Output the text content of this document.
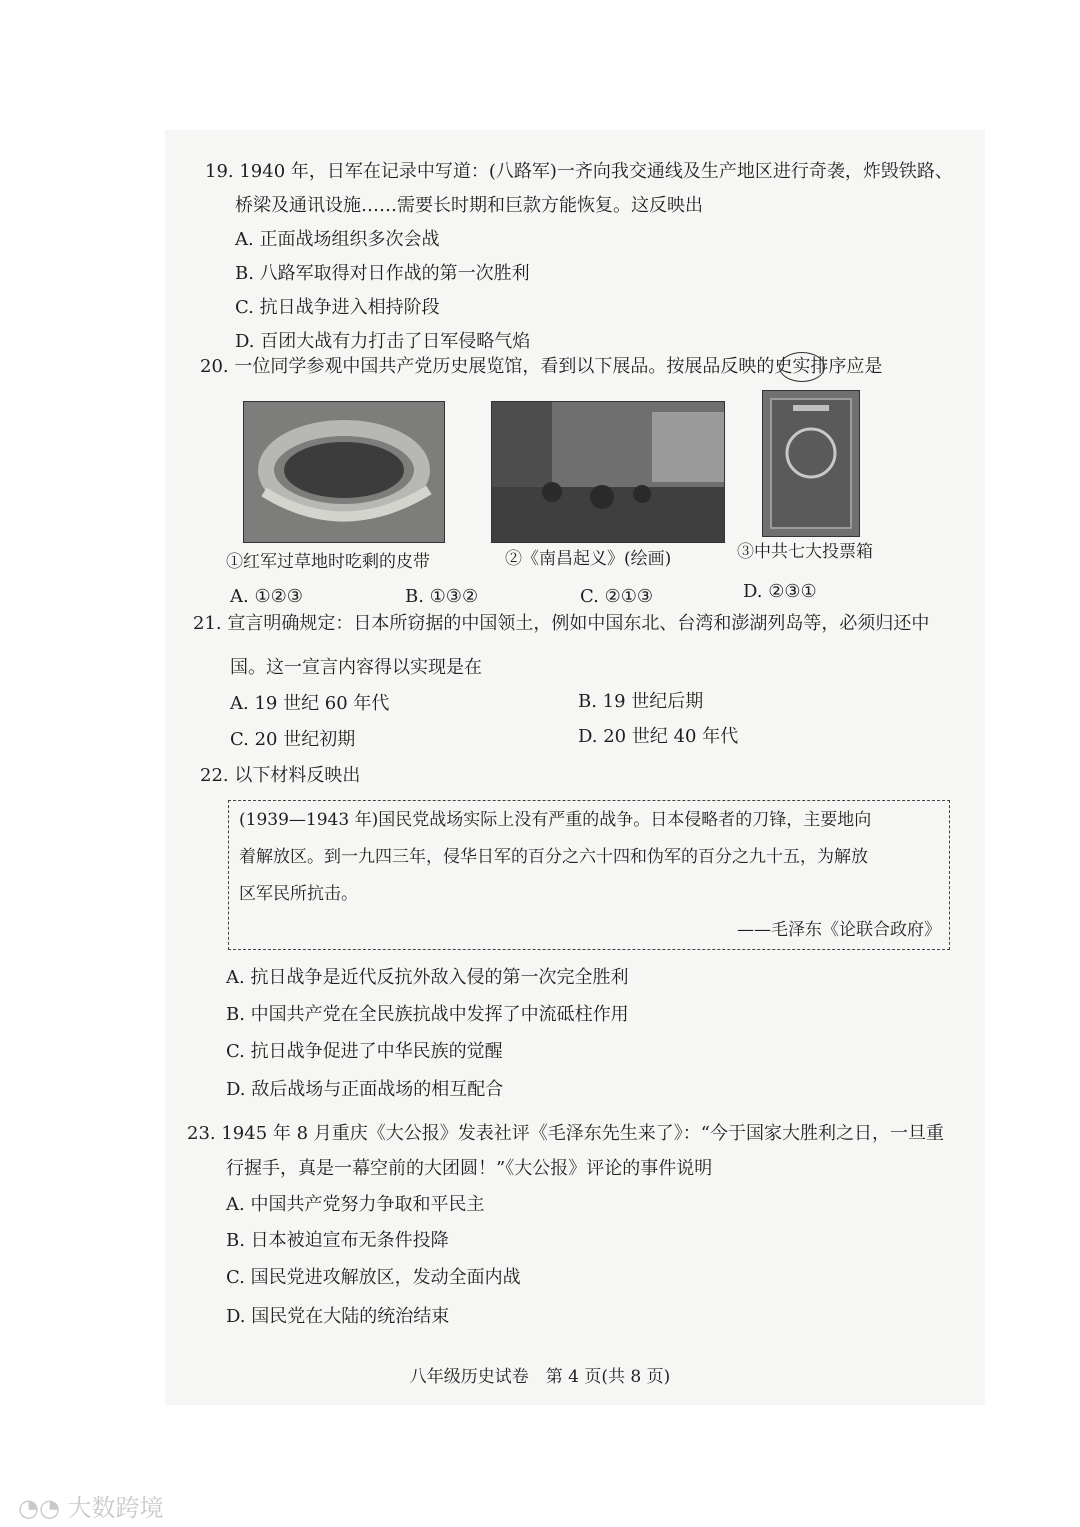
19. 1940 年，日军在记录中写道：(八路军)一齐向我交通线及生产地区进行奇袭，炸毁铁路、
桥梁及通讯设施……需要长时期和巨款方能恢复。这反映出
A. 正面战场组织多次会战
B. 八路军取得对日作战的第一次胜利
C. 抗日战争进入相持阶段
D. 百团大战有力打击了日军侵略气焰
20. 一位同学参观中国共产党历史展览馆，看到以下展品。按展品反映的史实排序应是
①红军过草地时吃剩的皮带	②《南昌起义》(绘画)	③中共七大投票箱
A. ①②③	B. ①③②	C. ②①③	D. ②③①
21. 宣言明确规定：日本所窃据的中国领土，例如中国东北、台湾和澎湖列岛等，必须归还中
国。这一宣言内容得以实现是在
A. 19 世纪 60 年代	B. 19 世纪后期
C. 20 世纪初期	D. 20 世纪 40 年代
22. 以下材料反映出
(1939—1943 年)国民党战场实际上没有严重的战争。日本侵略者的刀锋，主要地向
着解放区。到一九四三年，侵华日军的百分之六十四和伪军的百分之九十五，为解放
区军民所抗击。
——毛泽东《论联合政府》
A. 抗日战争是近代反抗外敌入侵的第一次完全胜利
B. 中国共产党在全民族抗战中发挥了中流砥柱作用
C. 抗日战争促进了中华民族的觉醒
D. 敌后战场与正面战场的相互配合
23. 1945 年 8 月重庆《大公报》发表社评《毛泽东先生来了》：“今于国家大胜利之日，一旦重
行握手，真是一幕空前的大团圆！”《大公报》评论的事件说明
A. 中国共产党努力争取和平民主
B. 日本被迫宣布无条件投降
C. 国民党进攻解放区，发动全面内战
D. 国民党在大陆的统治结束
八年级历史试卷　第 4 页(共 8 页)
◔◔ 大数跨境
